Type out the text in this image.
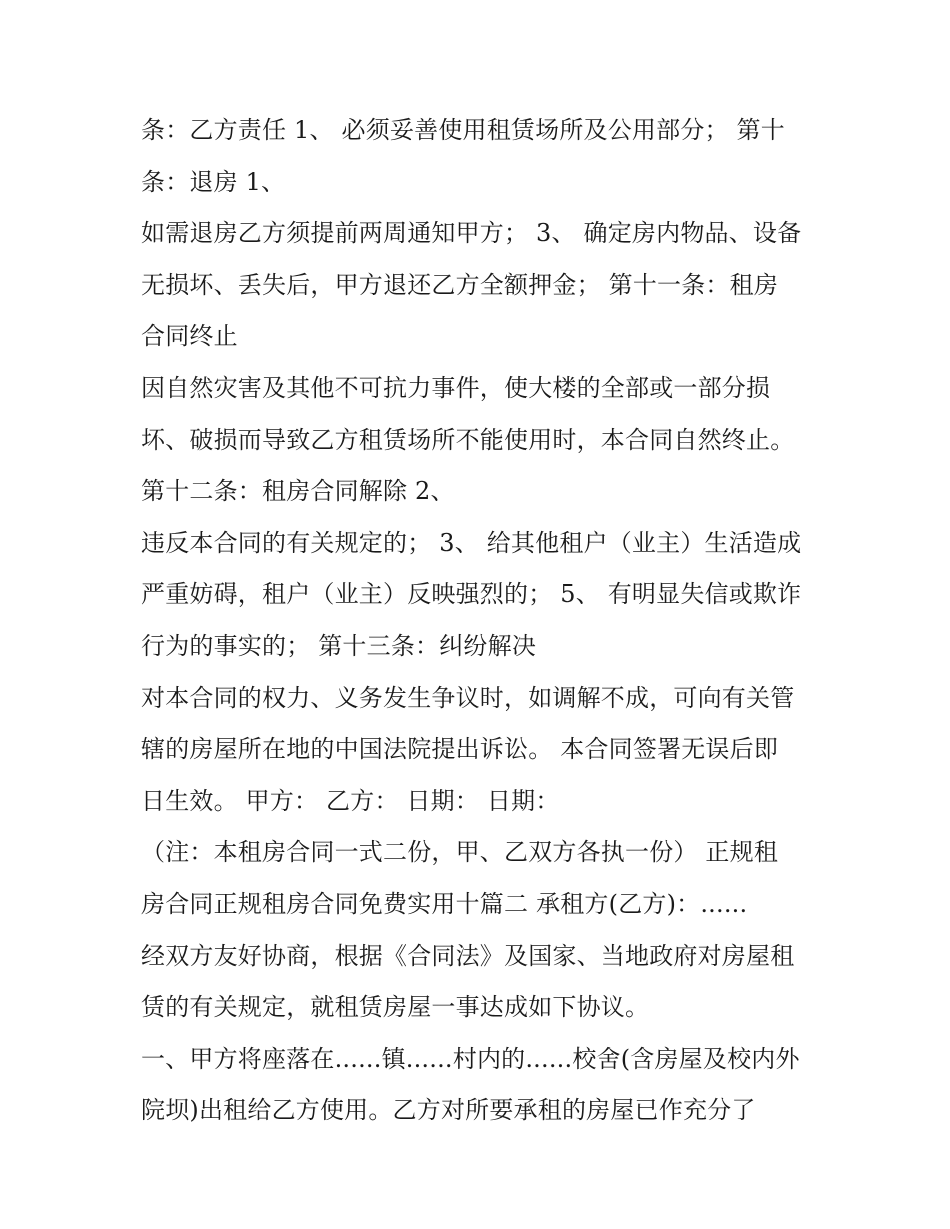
条：乙方责任 1、 必须妥善使用租赁场所及公用部分； 第十
条：退房 1、
如需退房乙方须提前两周通知甲方； 3、 确定房内物品、设备
无损坏、丢失后，甲方退还乙方全额押金； 第十一条：租房
合同终止
因自然灾害及其他不可抗力事件，使大楼的全部或一部分损
坏、破损而导致乙方租赁场所不能使用时，本合同自然终止。
第十二条：租房合同解除 2、
违反本合同的有关规定的； 3、 给其他租户（业主）生活造成
严重妨碍，租户（业主）反映强烈的； 5、 有明显失信或欺诈
行为的事实的； 第十三条：纠纷解决
对本合同的权力、义务发生争议时，如调解不成，可向有关管
辖的房屋所在地的中国法院提出诉讼。 本合同签署无误后即
日生效。 甲方： 乙方： 日期： 日期：
（注：本租房合同一式二份，甲、乙双方各执一份） 正规租
房合同正规租房合同免费实用十篇二 承租方(乙方)：......
经双方友好协商，根据《合同法》及国家、当地政府对房屋租
赁的有关规定，就租赁房屋一事达成如下协议。
一、甲方将座落在......镇......村内的......校舍(含房屋及校内外
院坝)出租给乙方使用。乙方对所要承租的房屋已作充分了
